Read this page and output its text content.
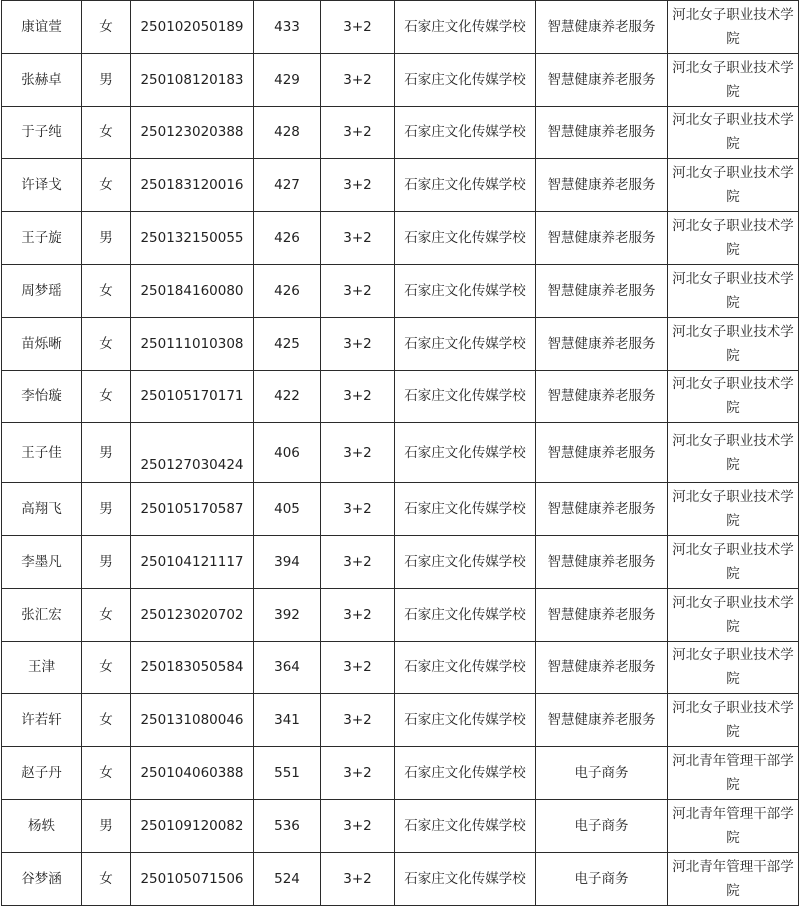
康谊萱	女	250102050189	433	3+2	石家庄文化传媒学校	智慧健康养老服务	河北女子职业技术学院
张赫卓	男	250108120183	429	3+2	石家庄文化传媒学校	智慧健康养老服务	河北女子职业技术学院
于子纯	女	250123020388	428	3+2	石家庄文化传媒学校	智慧健康养老服务	河北女子职业技术学院
许译戈	女	250183120016	427	3+2	石家庄文化传媒学校	智慧健康养老服务	河北女子职业技术学院
王子旋	男	250132150055	426	3+2	石家庄文化传媒学校	智慧健康养老服务	河北女子职业技术学院
周梦瑶	女	250184160080	426	3+2	石家庄文化传媒学校	智慧健康养老服务	河北女子职业技术学院
苗烁晰	女	250111010308	425	3+2	石家庄文化传媒学校	智慧健康养老服务	河北女子职业技术学院
李怡璇	女	250105170171	422	3+2	石家庄文化传媒学校	智慧健康养老服务	河北女子职业技术学院
王子佳	男	250127030424	406	3+2	石家庄文化传媒学校	智慧健康养老服务	河北女子职业技术学院
高翔飞	男	250105170587	405	3+2	石家庄文化传媒学校	智慧健康养老服务	河北女子职业技术学院
李墨凡	男	250104121117	394	3+2	石家庄文化传媒学校	智慧健康养老服务	河北女子职业技术学院
张汇宏	女	250123020702	392	3+2	石家庄文化传媒学校	智慧健康养老服务	河北女子职业技术学院
王津	女	250183050584	364	3+2	石家庄文化传媒学校	智慧健康养老服务	河北女子职业技术学院
许若轩	女	250131080046	341	3+2	石家庄文化传媒学校	智慧健康养老服务	河北女子职业技术学院
赵子丹	女	250104060388	551	3+2	石家庄文化传媒学校	电子商务	河北青年管理干部学院
杨轶	男	250109120082	536	3+2	石家庄文化传媒学校	电子商务	河北青年管理干部学院
谷梦涵	女	250105071506	524	3+2	石家庄文化传媒学校	电子商务	河北青年管理干部学院
